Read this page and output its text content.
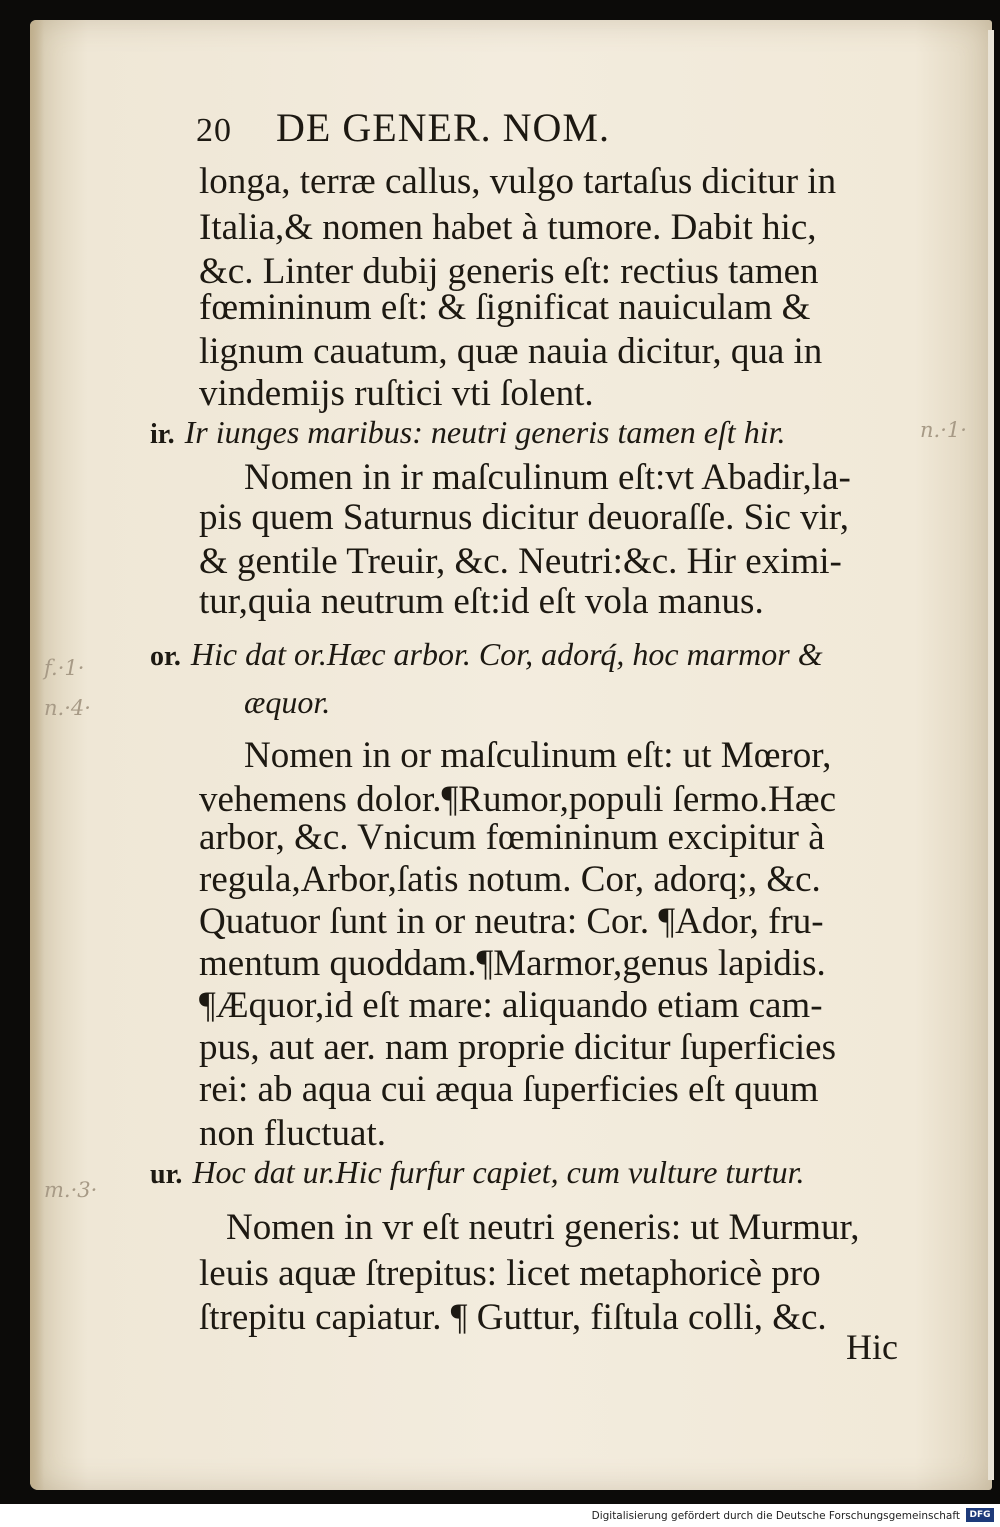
20 DE GENER. NOM.
longa, terræ callus, vulgo tartaſus dicitur in
Italia,& nomen habet à tumore. Dabit hic,
&c. Linter dubij generis eſt: rectius tamen
fœmininum eſt: & ſignificat nauiculam &
lignum cauatum, quæ nauia dicitur, qua in
vindemijs ruſtici vti ſolent.
ir. Ir iunges maribus: neutri generis tamen eſt hir.	n.·1·
Nomen in ir maſculinum eſt:vt Abadir,la-
pis quem Saturnus dicitur deuoraſſe. Sic vir,
& gentile Treuir, &c. Neutri:&c. Hir eximi-
tur,quia neutrum eſt:id eſt vola manus.
f.·1·
n.·4·
or. Hic dat or.Hæc arbor. Cor, adorq́, hoc marmor &
æquor.
Nomen in or maſculinum eſt: ut Mœror,
vehemens dolor.¶Rumor,populi ſermo.Hæc
arbor, &c. Vnicum fœmininum excipitur à
regula,Arbor,ſatis notum. Cor, adorq;, &c.
Quatuor ſunt in or neutra: Cor. ¶Ador, fru-
mentum quoddam.¶Marmor,genus lapidis.
¶Æquor,id eſt mare: aliquando etiam cam-
pus, aut aer. nam proprie dicitur ſuperficies
rei: ab aqua cui æqua ſuperficies eſt quum
non fluctuat.
m.·3· ur. Hoc dat ur.Hic furfur capiet, cum vulture turtur.
Nomen in vr eſt neutri generis: ut Murmur,
leuis aquæ ſtrepitus: licet metaphoricè pro
ſtrepitu capiatur. ¶ Guttur, fiſtula colli, &c.
Hic
Digitalisierung gefördert durch die Deutsche Forschungsgemeinschaft	DFG
